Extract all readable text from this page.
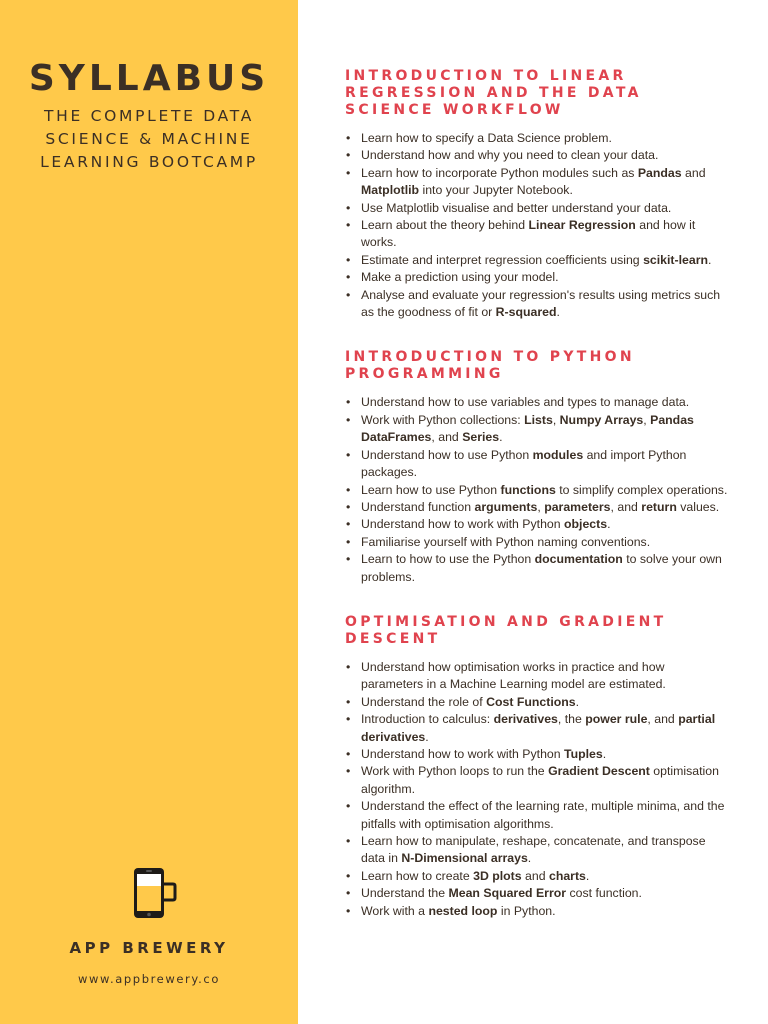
SYLLABUS
THE COMPLETE DATA
SCIENCE & MACHINE
LEARNING BOOTCAMP
APP BREWERY
www.appbrewery.co
INTRODUCTION TO LINEAR
REGRESSION AND THE DATA
SCIENCE WORKFLOW
• Learn how to specify a Data Science problem.
• Understand how and why you need to clean your data.
• Learn how to incorporate Python modules such as Pandas and Matplotlib into your Jupyter Notebook.
• Use Matplotlib visualise and better understand your data.
• Learn about the theory behind Linear Regression and how it works.
• Estimate and interpret regression coefficients using scikit-learn.
• Make a prediction using your model.
• Analyse and evaluate your regression's results using metrics such as the goodness of fit or R-squared.
INTRODUCTION TO PYTHON
PROGRAMMING
• Understand how to use variables and types to manage data.
• Work with Python collections: Lists, Numpy Arrays, Pandas DataFrames, and Series.
• Understand how to use Python modules and import Python packages.
• Learn how to use Python functions to simplify complex operations.
• Understand function arguments, parameters, and return values.
• Understand how to work with Python objects.
• Familiarise yourself with Python naming conventions.
• Learn to how to use the Python documentation to solve your own problems.
OPTIMISATION AND GRADIENT
DESCENT
• Understand how optimisation works in practice and how parameters in a Machine Learning model are estimated.
• Understand the role of Cost Functions.
• Introduction to calculus: derivatives, the power rule, and partial derivatives.
• Understand how to work with Python Tuples.
• Work with Python loops to run the Gradient Descent optimisation algorithm.
• Understand the effect of the learning rate, multiple minima, and the pitfalls with optimisation algorithms.
• Learn how to manipulate, reshape, concatenate, and transpose data in N-Dimensional arrays.
• Learn how to create 3D plots and charts.
• Understand the Mean Squared Error cost function.
• Work with a nested loop in Python.
